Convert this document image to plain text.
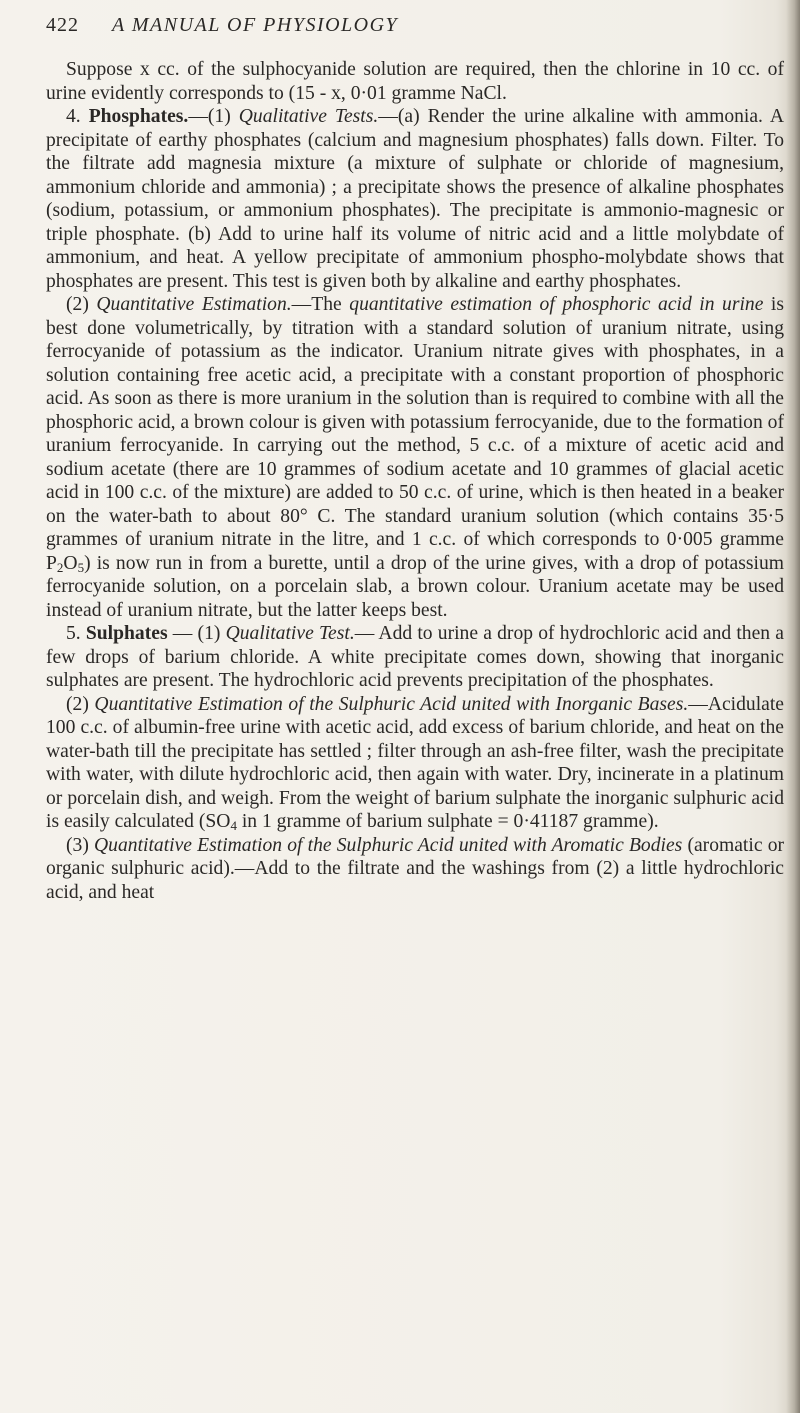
422 A MANUAL OF PHYSIOLOGY

Suppose x cc. of the sulphocyanide solution are required, then the chlorine in 10 cc. of urine evidently corresponds to (15 - x, 0·01 gramme NaCl.

4. Phosphates.—(1) Qualitative Tests.—(a) Render the urine alkaline with ammonia. A precipitate of earthy phosphates (calcium and magnesium phosphates) falls down. Filter. To the filtrate add magnesia mixture (a mixture of sulphate or chloride of magnesium, ammonium chloride and ammonia) ; a precipitate shows the presence of alkaline phosphates (sodium, potassium, or ammonium phosphates). The precipitate is ammonio-magnesic or triple phosphate. (b) Add to urine half its volume of nitric acid and a little molybdate of ammonium, and heat. A yellow precipitate of ammonium phospho-molybdate shows that phosphates are present. This test is given both by alkaline and earthy phosphates.

(2) Quantitative Estimation.—The quantitative estimation of phosphoric acid in urine is best done volumetrically, by titration with a standard solution of uranium nitrate, using ferrocyanide of potassium as the indicator. Uranium nitrate gives with phosphates, in a solution containing free acetic acid, a precipitate with a constant proportion of phosphoric acid. As soon as there is more uranium in the solution than is required to combine with all the phosphoric acid, a brown colour is given with potassium ferrocyanide, due to the formation of uranium ferrocyanide. In carrying out the method, 5 c.c. of a mixture of acetic acid and sodium acetate (there are 10 grammes of sodium acetate and 10 grammes of glacial acetic acid in 100 c.c. of the mixture) are added to 50 c.c. of urine, which is then heated in a beaker on the water-bath to about 80° C. The standard uranium solution (which contains 35·5 grammes of uranium nitrate in the litre, and 1 c.c. of which corresponds to 0·005 gramme $P_2O_5$) is now run in from a burette, until a drop of the urine gives, with a drop of potassium ferrocyanide solution, on a porcelain slab, a brown colour. Uranium acetate may be used instead of uranium nitrate, but the latter keeps best.

5. Sulphates — (1) Qualitative Test.— Add to urine a drop of hydrochloric acid and then a few drops of barium chloride. A white precipitate comes down, showing that inorganic sulphates are present. The hydrochloric acid prevents precipitation of the phosphates.

(2) Quantitative Estimation of the Sulphuric Acid united with Inorganic Bases.—Acidulate 100 c.c. of albumin-free urine with acetic acid, add excess of barium chloride, and heat on the water-bath till the precipitate has settled ; filter through an ash-free filter, wash the precipitate with water, with dilute hydrochloric acid, then again with water. Dry, incinerate in a platinum or porcelain dish, and weigh. From the weight of barium sulphate the inorganic sulphuric acid is easily calculated ($SO_4$ in 1 gramme of barium sulphate = 0·41187 gramme).

(3) Quantitative Estimation of the Sulphuric Acid united with Aromatic Bodies (aromatic or organic sulphuric acid).—Add to the filtrate and the washings from (2) a little hydrochloric acid, and heat
